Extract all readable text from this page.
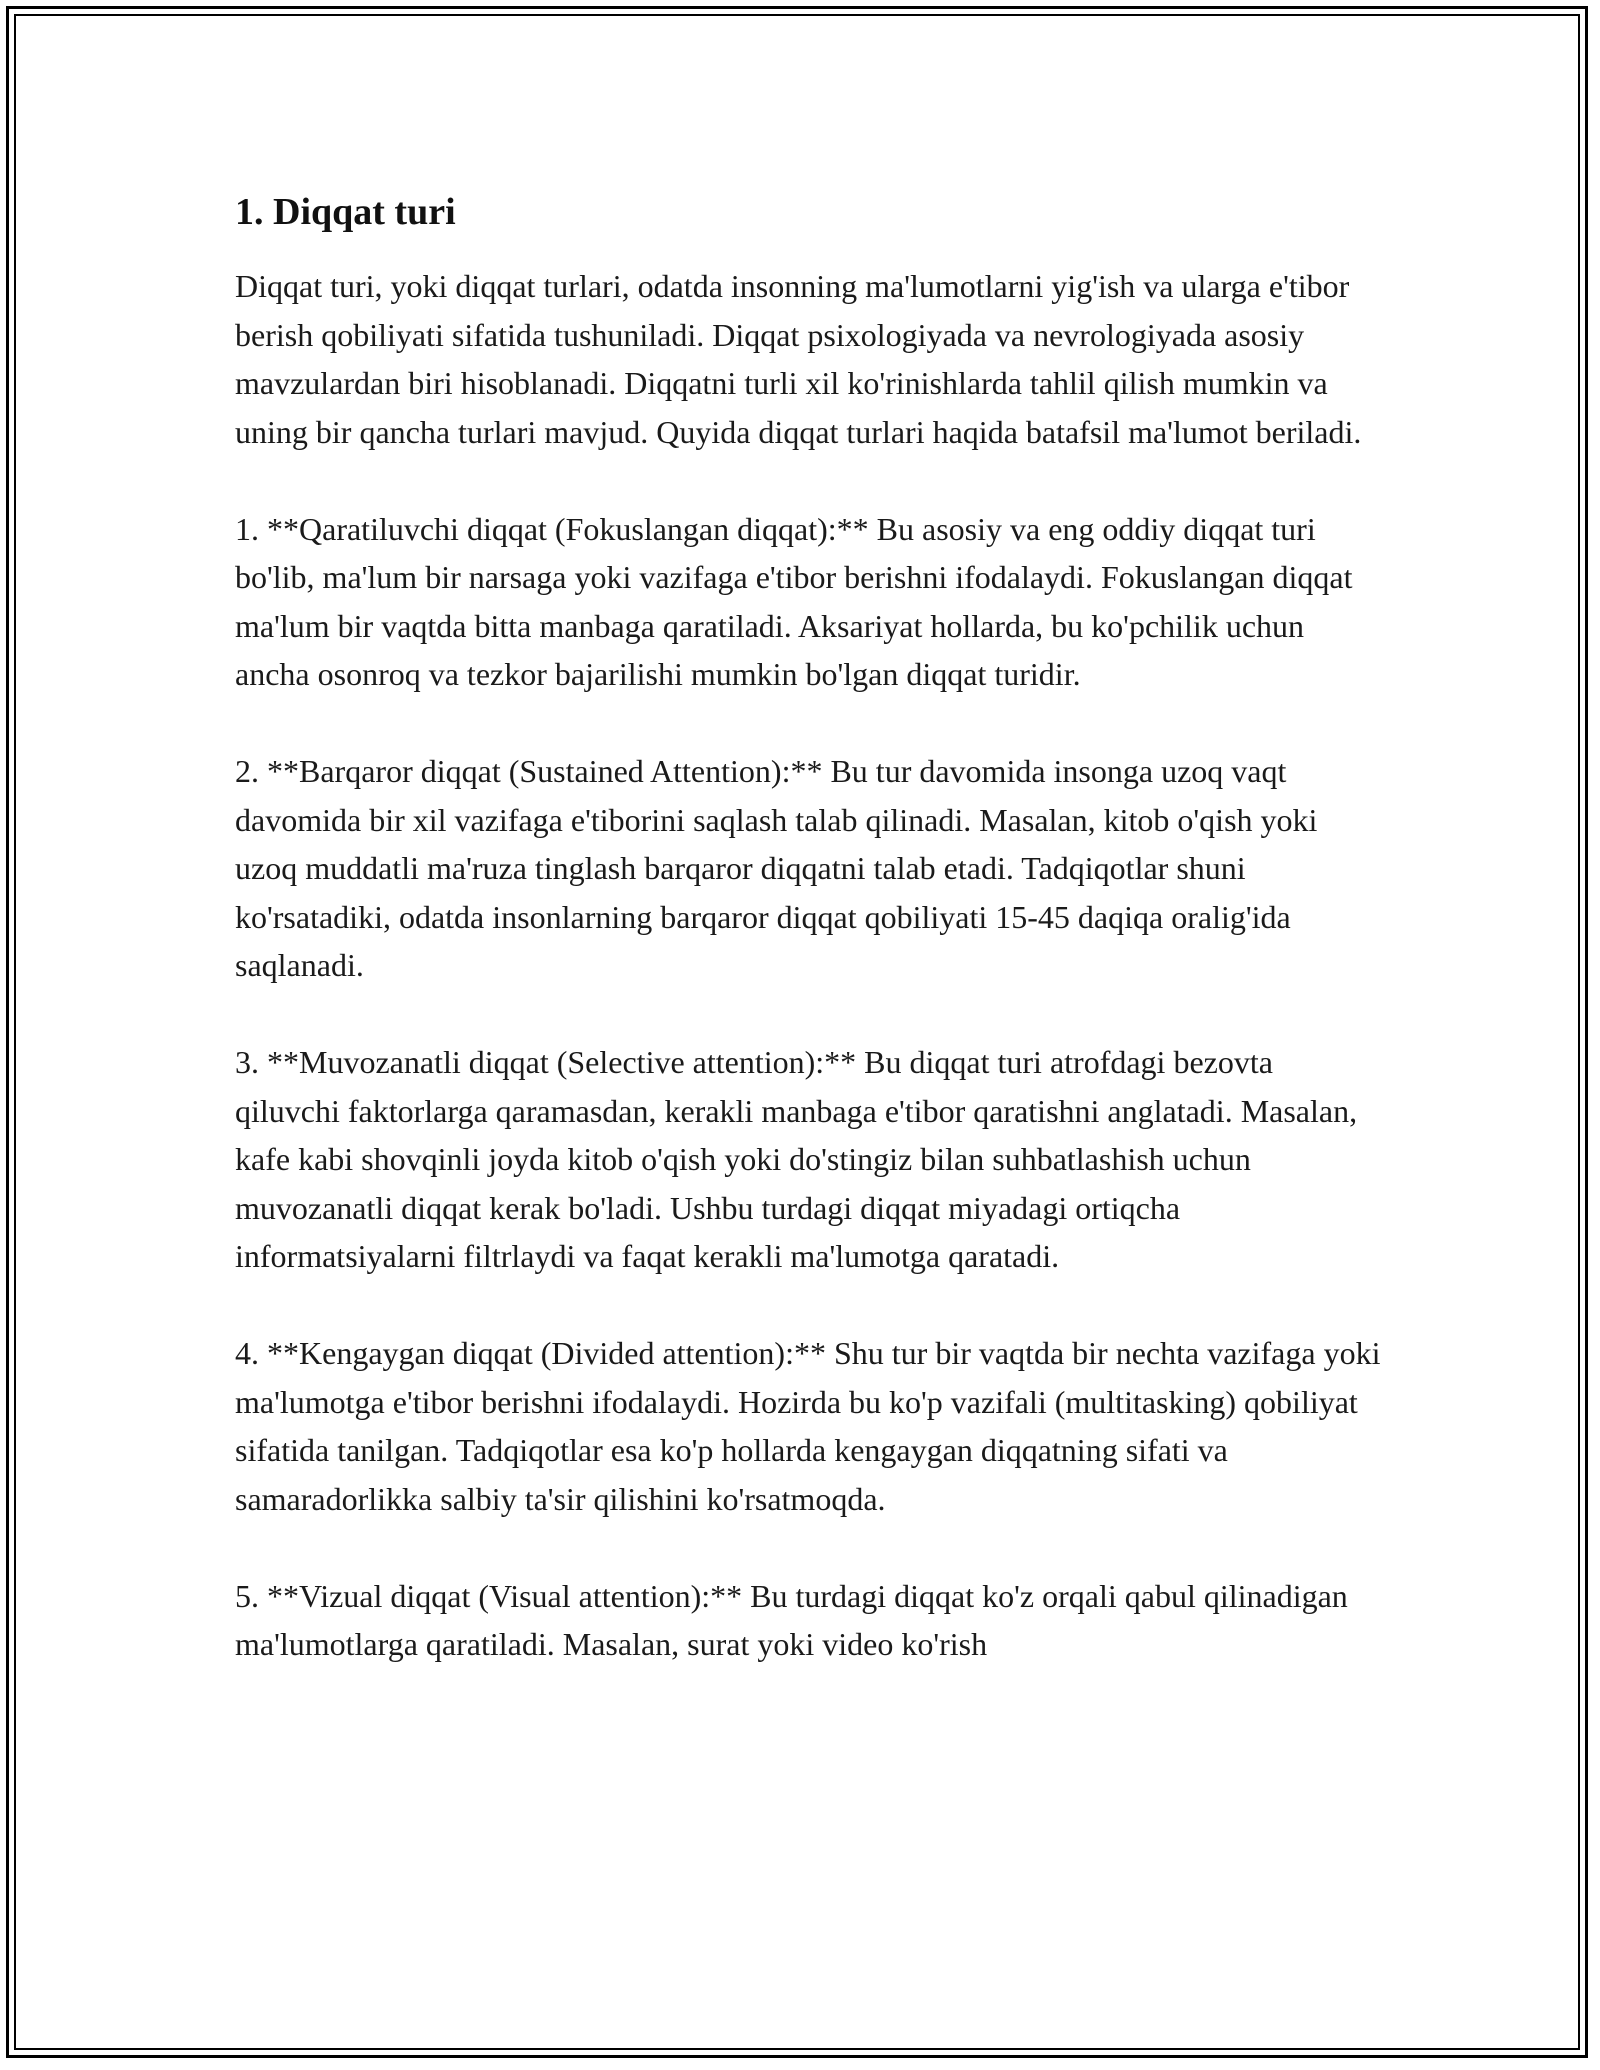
1. Diqqat turi

Diqqat turi, yoki diqqat turlari, odatda insonning ma'lumotlarni yig'ish va ularga e'tibor berish qobiliyati sifatida tushuniladi. Diqqat psixologiyada va nevrologiyada asosiy mavzulardan biri hisoblanadi. Diqqatni turli xil ko'rinishlarda tahlil qilish mumkin va uning bir qancha turlari mavjud. Quyida diqqat turlari haqida batafsil ma'lumot beriladi.

1. **Qaratiluvchi diqqat (Fokuslangan diqqat):** Bu asosiy va eng oddiy diqqat turi bo'lib, ma'lum bir narsaga yoki vazifaga e'tibor berishni ifodalaydi. Fokuslangan diqqat ma'lum bir vaqtda bitta manbaga qaratiladi. Aksariyat hollarda, bu ko'pchilik uchun ancha osonroq va tezkor bajarilishi mumkin bo'lgan diqqat turidir.

2. **Barqaror diqqat (Sustained Attention):** Bu tur davomida insonga uzoq vaqt davomida bir xil vazifaga e'tiborini saqlash talab qilinadi. Masalan, kitob o'qish yoki uzoq muddatli ma'ruza tinglash barqaror diqqatni talab etadi. Tadqiqotlar shuni ko'rsatadiki, odatda insonlarning barqaror diqqat qobiliyati 15-45 daqiqa oralig'ida saqlanadi.

3. **Muvozanatli diqqat (Selective attention):** Bu diqqat turi atrofdagi bezovta qiluvchi faktorlarga qaramasdan, kerakli manbaga e'tibor qaratishni anglatadi. Masalan, kafe kabi shovqinli joyda kitob o'qish yoki do'stingiz bilan suhbatlashish uchun muvozanatli diqqat kerak bo'ladi. Ushbu turdagi diqqat miyadagi ortiqcha informatsiyalarni filtrlaydi va faqat kerakli ma'lumotga qaratadi.

4. **Kengaygan diqqat (Divided attention):** Shu tur bir vaqtda bir nechta vazifaga yoki ma'lumotga e'tibor berishni ifodalaydi. Hozirda bu ko'p vazifali (multitasking) qobiliyat sifatida tanilgan. Tadqiqotlar esa ko'p hollarda kengaygan diqqatning sifati va samaradorlikka salbiy ta'sir qilishini ko'rsatmoqda.

5. **Vizual diqqat (Visual attention):** Bu turdagi diqqat ko'z orqali qabul qilinadigan ma'lumotlarga qaratiladi. Masalan, surat yoki video ko'rish
